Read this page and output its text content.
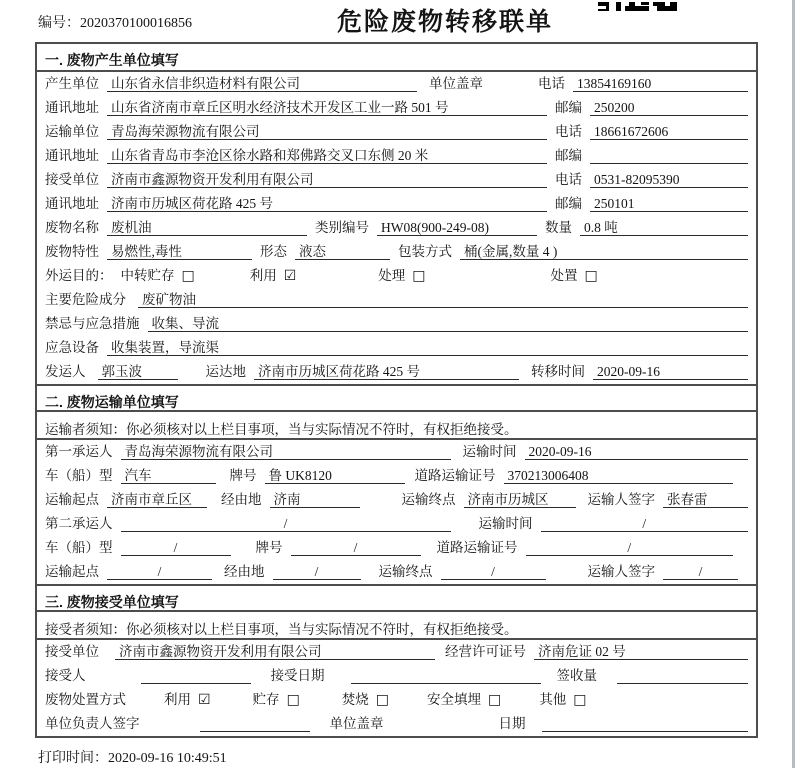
编号：2020370100016856	危险废物转移联单
一. 废物产生单位填写
产生单位 山东省永信非织造材料有限公司	单位盖章	电话 13854169160
通讯地址 山东省济南市章丘区明水经济技术开发区工业一路 501 号	邮编 250200
运输单位 青岛海荣源物流有限公司	电话 18661672606
通讯地址 山东省青岛市李沧区徐水路和郑佛路交叉口东侧 20 米	邮编
接受单位 济南市鑫源物资开发利用有限公司	电话 0531-82095390
通讯地址 济南市历城区荷花路 425 号	邮编 250101
废物名称 废机油	类别编号 HW08(900-249-08)	数量 0.8 吨
废物特性 易燃性,毒性	形态 液态	包装方式 桶(金属,数量 4 )
外运目的： 中转贮存 □	利用 ☑	处理 □	处置 □
主要危险成分 废矿物油
禁忌与应急措施 收集、导流
应急设备 收集装置，导流渠
发运人 郭玉波	运达地 济南市历城区荷花路 425 号	转移时间 2020-09-16
二. 废物运输单位填写
运输者须知：你必须核对以上栏目事项，当与实际情况不符时，有权拒绝接受。
第一承运人 青岛海荣源物流有限公司	运输时间 2020-09-16
车（船）型 汽车	牌号 鲁 UK8120	道路运输证号 370213006408
运输起点 济南市章丘区	经由地 济南	运输终点 济南市历城区	运输人签字 张春雷
第二承运人	/	运输时间	/
车（船）型	/	牌号	/	道路运输证号	/
运输起点	/	经由地	/	运输终点	/	运输人签字	/
三. 废物接受单位填写
接受者须知：你必须核对以上栏目事项，当与实际情况不符时，有权拒绝接受。
接受单位 济南市鑫源物资开发利用有限公司	经营许可证号 济南危证 02 号
接受人	接受日期	签收量
废物处置方式	利用 ☑	贮存 □	焚烧 □	安全填埋 □	其他 □
单位负责人签字	单位盖章	日期
打印时间：2020-09-16 10:49:51
